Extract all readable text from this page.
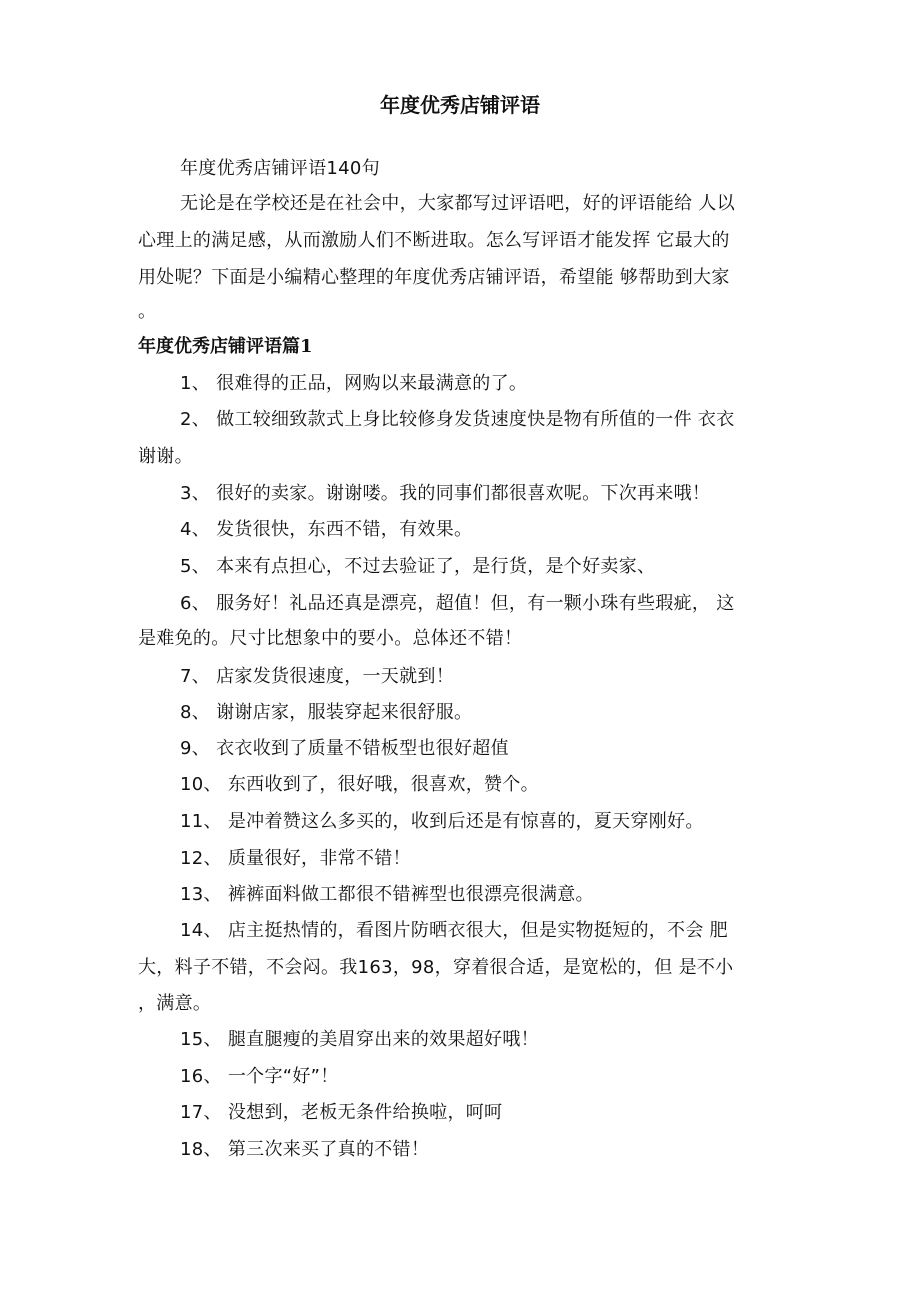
年度优秀店铺评语
年度优秀店铺评语140句
无论是在学校还是在社会中，大家都写过评语吧，好的评语能给 人以
心理上的满足感，从而激励人们不断进取。怎么写评语才能发挥 它最大的
用处呢？下面是小编精心整理的年度优秀店铺评语，希望能 够帮助到大家
。
年度优秀店铺评语篇1
1、 很难得的正品，网购以来最满意的了。
2、 做工较细致款式上身比较修身发货速度快是物有所值的一件 衣衣
谢谢。
3、 很好的卖家。谢谢喽。我的同事们都很喜欢呢。下次再来哦！
4、 发货很快，东西不错，有效果。
5、 本来有点担心，不过去验证了，是行货，是个好卖家、
6、 服务好！礼品还真是漂亮，超值！但，有一颗小珠有些瑕疵， 这
是难免的。尺寸比想象中的要小。总体还不错！
7、 店家发货很速度，一天就到！
8、 谢谢店家，服装穿起来很舒服。
9、 衣衣收到了质量不错板型也很好超值
10、 东西收到了，很好哦，很喜欢，赞个。
11、 是冲着赞这么多买的，收到后还是有惊喜的，夏天穿刚好。
12、 质量很好，非常不错！
13、 裤裤面料做工都很不错裤型也很漂亮很满意。
14、 店主挺热情的，看图片防晒衣很大，但是实物挺短的，不会 肥
大，料子不错，不会闷。我163，98，穿着很合适，是宽松的，但 是不小
，满意。
15、 腿直腿瘦的美眉穿出来的效果超好哦！
16、 一个字“好”！
17、 没想到，老板无条件给换啦，呵呵
18、 第三次来买了真的不错！
